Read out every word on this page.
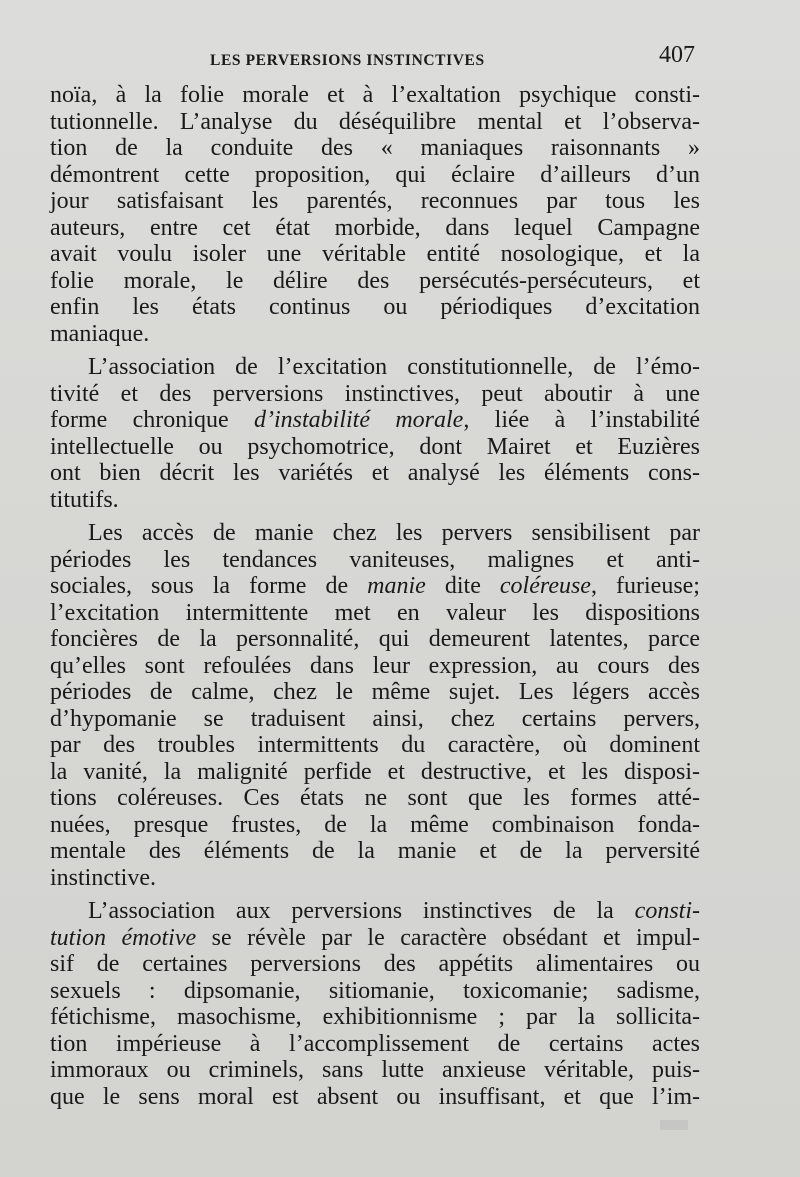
LES PERVERSIONS INSTINCTIVES	407
noïa, à la folie morale et à l’exaltation psychique consti-
tutionnelle. L’analyse du déséquilibre mental et l’observa-
tion de la conduite des « maniaques raisonnants »
démontrent cette proposition, qui éclaire d’ailleurs d’un
jour satisfaisant les parentés, reconnues par tous les
auteurs, entre cet état morbide, dans lequel Campagne
avait voulu isoler une véritable entité nosologique, et la
folie morale, le délire des persécutés-persécuteurs, et
enfin les états continus ou périodiques d’excitation
maniaque.
L’association de l’excitation constitutionnelle, de l’émo-
tivité et des perversions instinctives, peut aboutir à une
forme chronique d’instabilité morale, liée à l’instabilité
intellectuelle ou psychomotrice, dont Mairet et Euzières
ont bien décrit les variétés et analysé les éléments cons-
titutifs.
Les accès de manie chez les pervers sensibilisent par
périodes les tendances vaniteuses, malignes et anti-
sociales, sous la forme de manie dite coléreuse, furieuse;
l’excitation intermittente met en valeur les dispositions
foncières de la personnalité, qui demeurent latentes, parce
qu’elles sont refoulées dans leur expression, au cours des
périodes de calme, chez le même sujet. Les légers accès
d’hypomanie se traduisent ainsi, chez certains pervers,
par des troubles intermittents du caractère, où dominent
la vanité, la malignité perfide et destructive, et les disposi-
tions coléreuses. Ces états ne sont que les formes atté-
nuées, presque frustes, de la même combinaison fonda-
mentale des éléments de la manie et de la perversité
instinctive.
L’association aux perversions instinctives de la consti-
tution émotive se révèle par le caractère obsédant et impul-
sif de certaines perversions des appétits alimentaires ou
sexuels : dipsomanie, sitiomanie, toxicomanie; sadisme,
fétichisme, masochisme, exhibitionnisme ; par la sollicita-
tion impérieuse à l’accomplissement de certains actes
immoraux ou criminels, sans lutte anxieuse véritable, puis-
que le sens moral est absent ou insuffisant, et que l’im-
